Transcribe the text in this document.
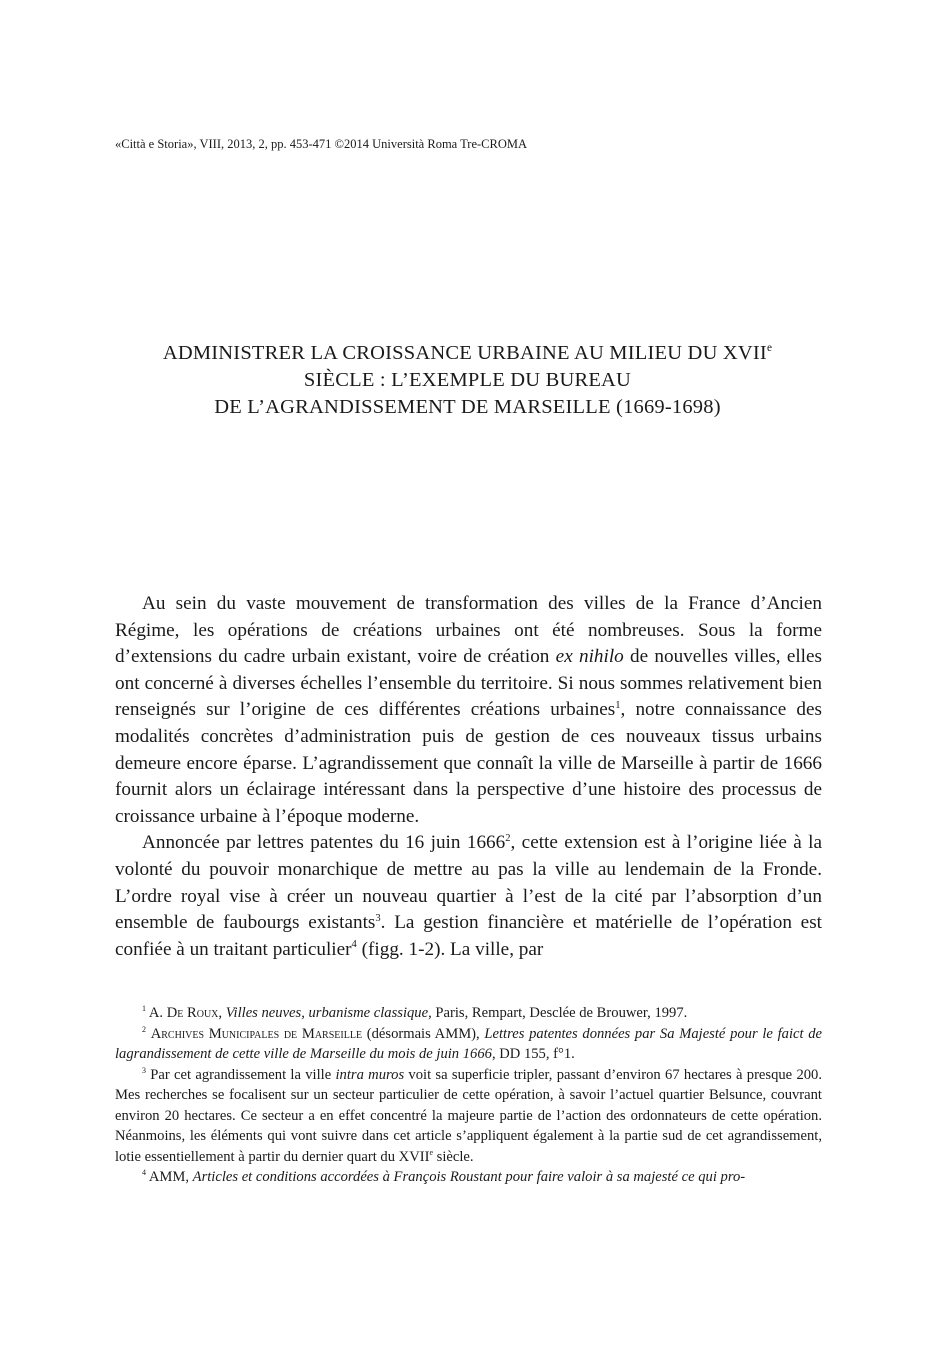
«Città e Storia», VIII, 2013, 2, pp. 453-471 ©2014 Università Roma Tre-CROMA
ADMINISTRER LA CROISSANCE URBAINE AU MILIEU DU XVIIe
SIÈCLE : L’EXEMPLE DU BUREAU
DE L’AGRANDISSEMENT DE MARSEILLE (1669-1698)

Au sein du vaste mouvement de transformation des villes de la France d’Ancien Régime, les opérations de créations urbaines ont été nombreuses. Sous la forme d’extensions du cadre urbain existant, voire de création ex nihilo de nouvelles villes, elles ont concerné à diverses échelles l’ensemble du territoire. Si nous sommes relativement bien renseignés sur l’origine de ces différentes créations urbaines$^1$, notre connaissance des modalités concrètes d’administration puis de gestion de ces nouveaux tissus urbains demeure encore éparse. L’agrandissement que connaît la ville de Marseille à partir de 1666 fournit alors un éclairage intéressant dans la perspective d’une histoire des processus de croissance urbaine à l’époque moderne.

Annoncée par lettres patentes du 16 juin 1666$^2$, cette extension est à l’origine liée à la volonté du pouvoir monarchique de mettre au pas la ville au lendemain de la Fronde. L’ordre royal vise à créer un nouveau quartier à l’est de la cité par l’absorption d’un ensemble de faubourgs existants$^3$. La gestion financière et matérielle de l’opération est confiée à un traitant particulier$^4$ (figg. 1-2). La ville, par

$^1$ A. De Roux, Villes neuves, urbanisme classique, Paris, Rempart, Desclée de Brouwer, 1997.

$^2$ Archives Municipales de Marseille (désormais AMM), Lettres patentes données par Sa Majesté pour le faict de lagrandissement de cette ville de Marseille du mois de juin 1666, DD 155, f°1.

$^3$ Par cet agrandissement la ville intra muros voit sa superficie tripler, passant d’environ 67 hectares à presque 200. Mes recherches se focalisent sur un secteur particulier de cette opération, à savoir l’actuel quartier Belsunce, couvrant environ 20 hectares. Ce secteur a en effet concentré la majeure partie de l’action des ordonnateurs de cette opération. Néanmoins, les éléments qui vont suivre dans cet article s’appliquent également à la partie sud de cet agrandissement, lotie essentiellement à partir du dernier quart du XVIIe siècle.

$^4$ AMM, Articles et conditions accordées à François Roustant pour faire valoir à sa majesté ce qui pro-
